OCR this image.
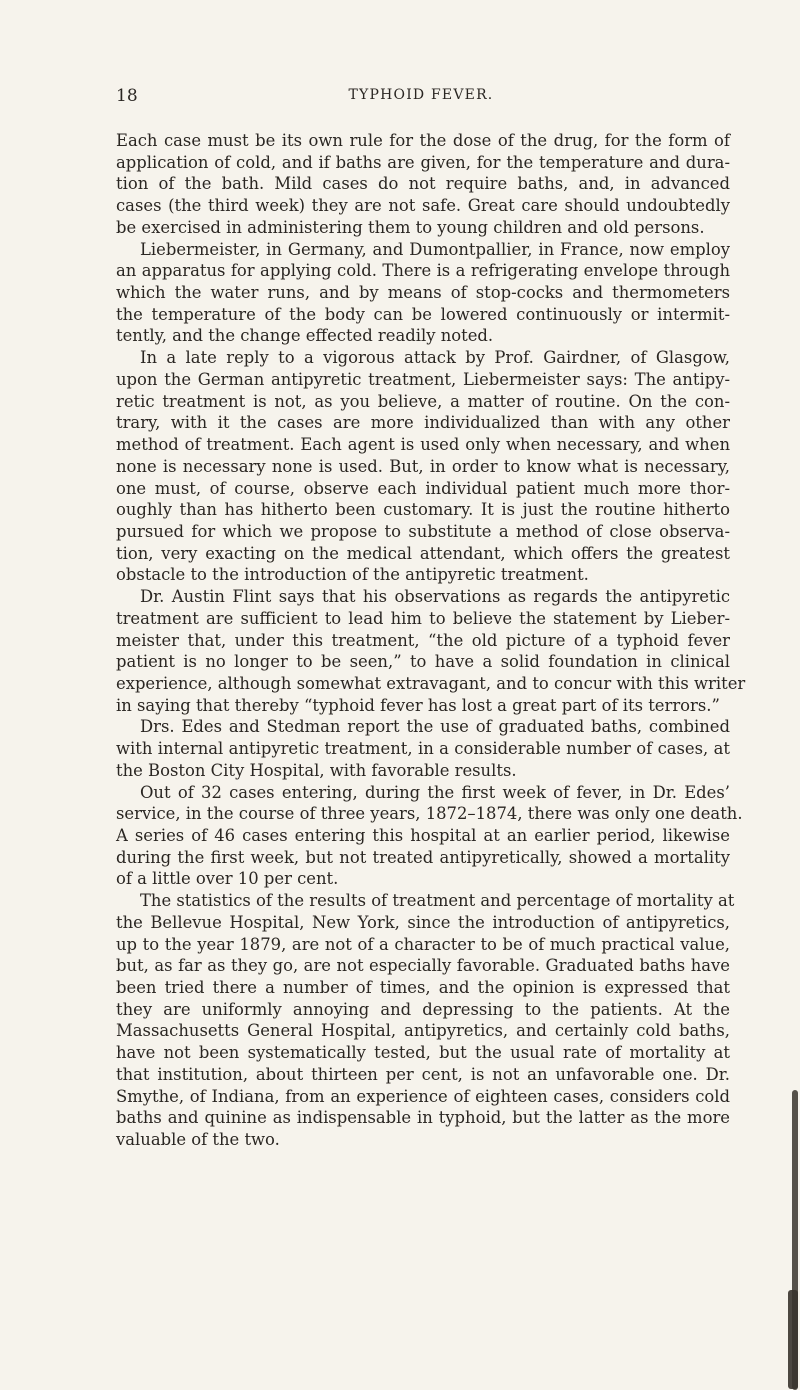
18	TYPHOID FEVER.
Each case must be its own rule for the dose of the drug, for the form of
application of cold, and if baths are given, for the temperature and dura-
tion of the bath. Mild cases do not require baths, and, in advanced
cases (the third week) they are not safe. Great care should undoubtedly
be exercised in administering them to young children and old persons.
Liebermeister, in Germany, and Dumontpallier, in France, now employ
an apparatus for applying cold. There is a refrigerating envelope through
which the water runs, and by means of stop-cocks and thermometers
the temperature of the body can be lowered continuously or intermit-
tently, and the change effected readily noted.
In a late reply to a vigorous attack by Prof. Gairdner, of Glasgow,
upon the German antipyretic treatment, Liebermeister says: The antipy-
retic treatment is not, as you believe, a matter of routine. On the con-
trary, with it the cases are more individualized than with any other
method of treatment. Each agent is used only when necessary, and when
none is necessary none is used. But, in order to know what is necessary,
one must, of course, observe each individual patient much more thor-
oughly than has hitherto been customary. It is just the routine hitherto
pursued for which we propose to substitute a method of close observa-
tion, very exacting on the medical attendant, which offers the greatest
obstacle to the introduction of the antipyretic treatment.
Dr. Austin Flint says that his observations as regards the antipyretic
treatment are sufficient to lead him to believe the statement by Lieber-
meister that, under this treatment, “the old picture of a typhoid fever
patient is no longer to be seen,” to have a solid foundation in clinical
experience, although somewhat extravagant, and to concur with this writer
in saying that thereby “typhoid fever has lost a great part of its terrors.”
Drs. Edes and Stedman report the use of graduated baths, combined
with internal antipyretic treatment, in a considerable number of cases, at
the Boston City Hospital, with favorable results.
Out of 32 cases entering, during the first week of fever, in Dr. Edes’
service, in the course of three years, 1872–1874, there was only one death.
A series of 46 cases entering this hospital at an earlier period, likewise
during the first week, but not treated antipyretically, showed a mortality
of a little over 10 per cent.
The statistics of the results of treatment and percentage of mortality at
the Bellevue Hospital, New York, since the introduction of antipyretics,
up to the year 1879, are not of a character to be of much practical value,
but, as far as they go, are not especially favorable. Graduated baths have
been tried there a number of times, and the opinion is expressed that
they are uniformly annoying and depressing to the patients. At the
Massachusetts General Hospital, antipyretics, and certainly cold baths,
have not been systematically tested, but the usual rate of mortality at
that institution, about thirteen per cent, is not an unfavorable one. Dr.
Smythe, of Indiana, from an experience of eighteen cases, considers cold
baths and quinine as indispensable in typhoid, but the latter as the more
valuable of the two.
